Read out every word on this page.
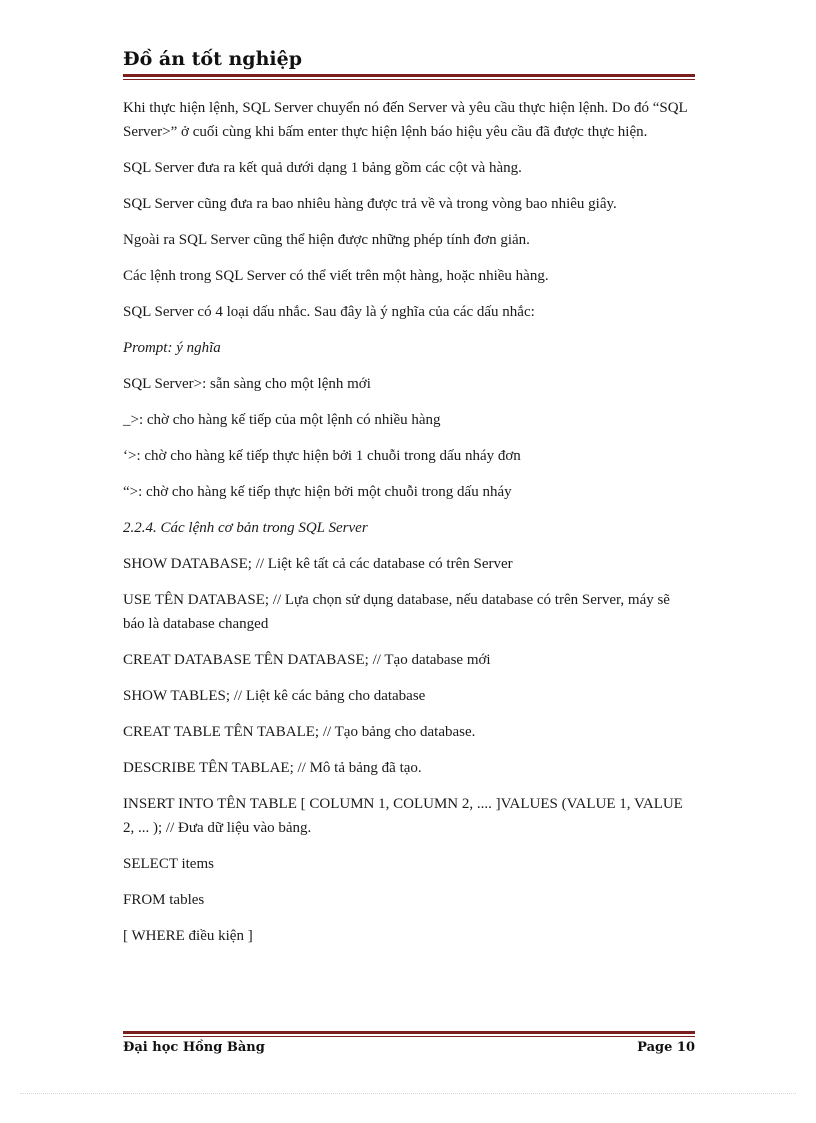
Đồ án tốt nghiệp

Khi thực hiện lệnh, SQL Server chuyển nó đến Server và yêu cầu thực hiện lệnh. Do đó “SQL Server>” ở cuối cùng khi bấm enter thực hiện lệnh báo hiệu yêu cầu đã được thực hiện.

SQL Server đưa ra kết quả dưới dạng 1 bảng gồm các cột và hàng.

SQL Server cũng đưa ra bao nhiêu hàng được trả về và trong vòng bao nhiêu giây.

Ngoài ra SQL Server cũng thể hiện được những phép tính đơn giản.

Các lệnh trong SQL Server có thể viết trên một hàng, hoặc nhiều hàng.

SQL Server có 4 loại dấu nhắc. Sau đây là ý nghĩa của các dấu nhắc:

Prompt: ý nghĩa

SQL Server>: sẵn sàng cho một lệnh mới

_>: chờ cho hàng kế tiếp của một lệnh có nhiều hàng

‘>: chờ cho hàng kế tiếp thực hiện bởi 1 chuỗi trong dấu nháy đơn

“>: chờ cho hàng kế tiếp thực hiện bởi một chuỗi trong dấu nháy

2.2.4. Các lệnh cơ bản trong SQL Server

SHOW DATABASE; // Liệt kê tất cả các database có trên Server

USE TÊN DATABASE; // Lựa chọn sử dụng database, nếu database có trên Server, máy sẽ báo là database changed

CREAT DATABASE TÊN DATABASE; // Tạo database mới

SHOW TABLES; // Liệt kê các bảng cho database

CREAT TABLE TÊN TABALE; // Tạo bảng cho database.

DESCRIBE TÊN TABLAE; // Mô tả bảng đã tạo.

INSERT INTO TÊN TABLE [ COLUMN 1, COLUMN 2, .... ]VALUES (VALUE 1, VALUE 2, ... ); // Đưa dữ liệu vào bảng.

SELECT items

FROM tables

[ WHERE điều kiện ]

Đại học Hồng Bàng	Page 10
